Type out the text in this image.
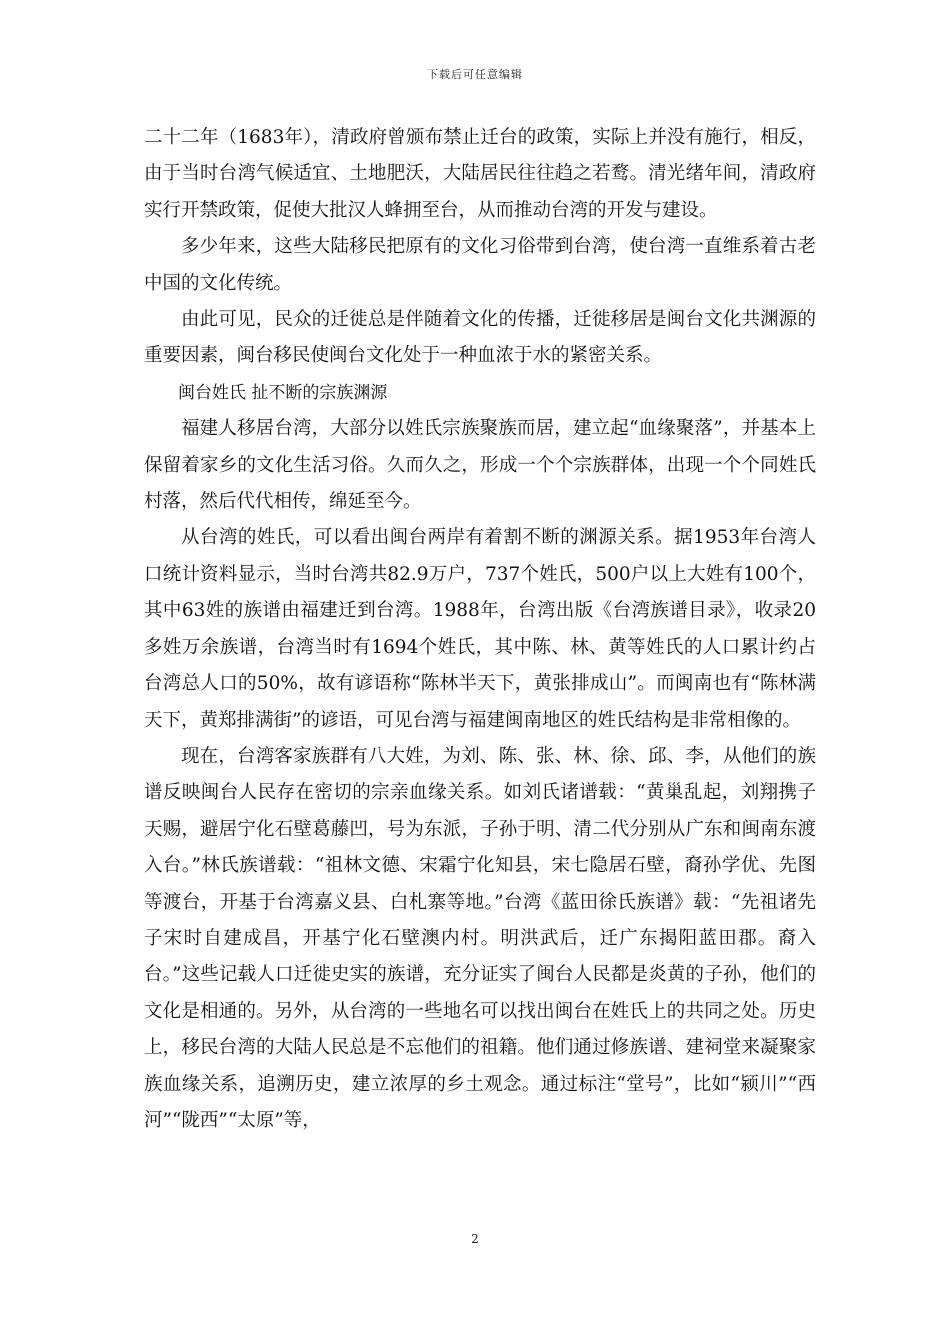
下载后可任意编辑

二十二年（1683年），清政府曾颁布禁止迁台的政策，实际上并没有施行，相反，由于当时台湾气候适宜、土地肥沃，大陆居民往往趋之若鹜。清光绪年间，清政府实行开禁政策，促使大批汉人蜂拥至台，从而推动台湾的开发与建设。

多少年来，这些大陆移民把原有的文化习俗带到台湾，使台湾一直维系着古老中国的文化传统。

由此可见，民众的迁徙总是伴随着文化的传播，迁徙移居是闽台文化共渊源的重要因素，闽台移民使闽台文化处于一种血浓于水的紧密关系。

闽台姓氏 扯不断的宗族渊源

福建人移居台湾，大部分以姓氏宗族聚族而居，建立起“血缘聚落”，并基本上保留着家乡的文化生活习俗。久而久之，形成一个个宗族群体，出现一个个同姓氏村落，然后代代相传，绵延至今。

从台湾的姓氏，可以看出闽台两岸有着割不断的渊源关系。据1953年台湾人口统计资料显示，当时台湾共82.9万户，737个姓氏，500户以上大姓有100个，其中63姓的族谱由福建迁到台湾。1988年，台湾出版《台湾族谱目录》，收录20多姓万余族谱，台湾当时有1694个姓氏，其中陈、林、黄等姓氏的人口累计约占台湾总人口的50%，故有谚语称“陈林半天下，黄张排成山”。而闽南也有“陈林满天下，黄郑排满街”的谚语，可见台湾与福建闽南地区的姓氏结构是非常相像的。

现在，台湾客家族群有八大姓，为刘、陈、张、林、徐、邱、李，从他们的族谱反映闽台人民存在密切的宗亲血缘关系。如刘氏诸谱载：“黄巢乱起，刘翔携子天赐，避居宁化石壁葛藤凹，号为东派，子孙于明、清二代分别从广东和闽南东渡入台。”林氏族谱载：“祖林文德、宋霜宁化知县，宋七隐居石壁，裔孙学优、先图等渡台，开基于台湾嘉义县、白札寨等地。”台湾《蓝田徐氏族谱》载：“先祖诸先子宋时自建成昌，开基宁化石壁澳内村。明洪武后，迁广东揭阳蓝田郡。裔入台。”这些记载人口迁徙史实的族谱，充分证实了闽台人民都是炎黄的子孙，他们的文化是相通的。另外，从台湾的一些地名可以找出闽台在姓氏上的共同之处。历史上，移民台湾的大陆人民总是不忘他们的祖籍。他们通过修族谱、建祠堂来凝聚家族血缘关系，追溯历史，建立浓厚的乡土观念。通过标注“堂号”，比如“颍川”“西河”“陇西”“太原”等，

2
